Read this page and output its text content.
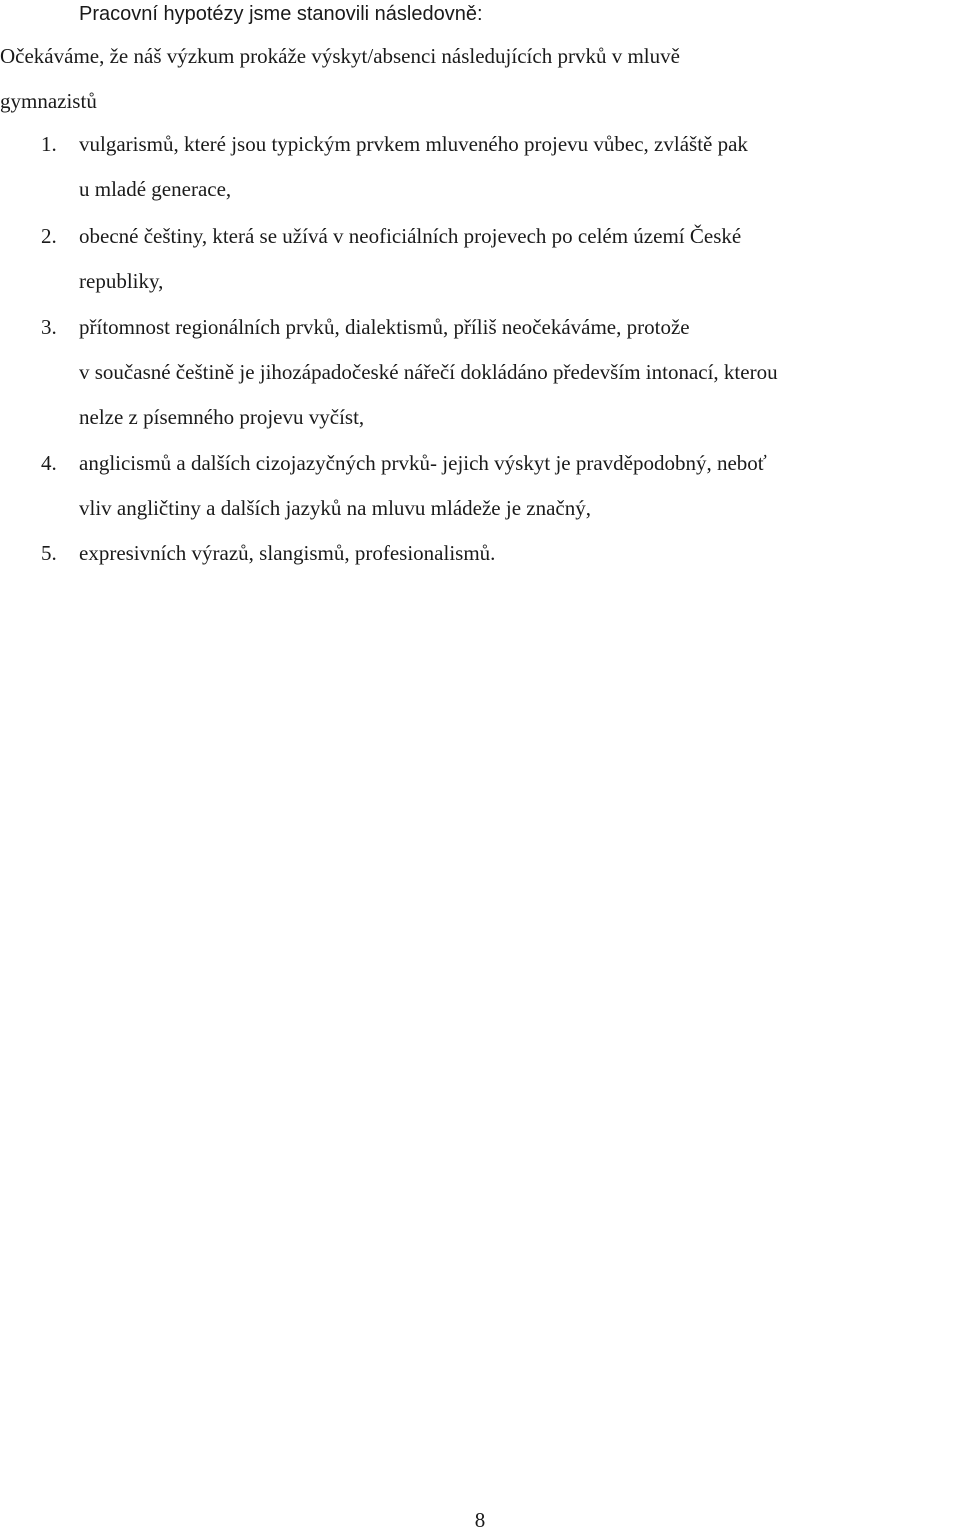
Pracovní hypotézy jsme stanovili následovně:
Očekáváme, že náš výzkum prokáže výskyt/absenci následujících prvků v mluvě
gymnazistů
1.	vulgarismů, které jsou typickým prvkem mluveného projevu vůbec, zvláště pak
u mladé generace,
2.	obecné češtiny, která se užívá v neoficiálních projevech po celém území České
republiky,
3.	přítomnost regionálních prvků, dialektismů, příliš neočekáváme, protože
v současné češtině je jihozápadočeské nářečí dokládáno především intonací, kterou
nelze z písemného projevu vyčíst,
4.	anglicismů a dalších cizojazyčných prvků- jejich výskyt je pravděpodobný, neboť
vliv angličtiny a dalších jazyků na mluvu mládeže je značný,
5.	expresivních výrazů, slangismů, profesionalismů.
8
